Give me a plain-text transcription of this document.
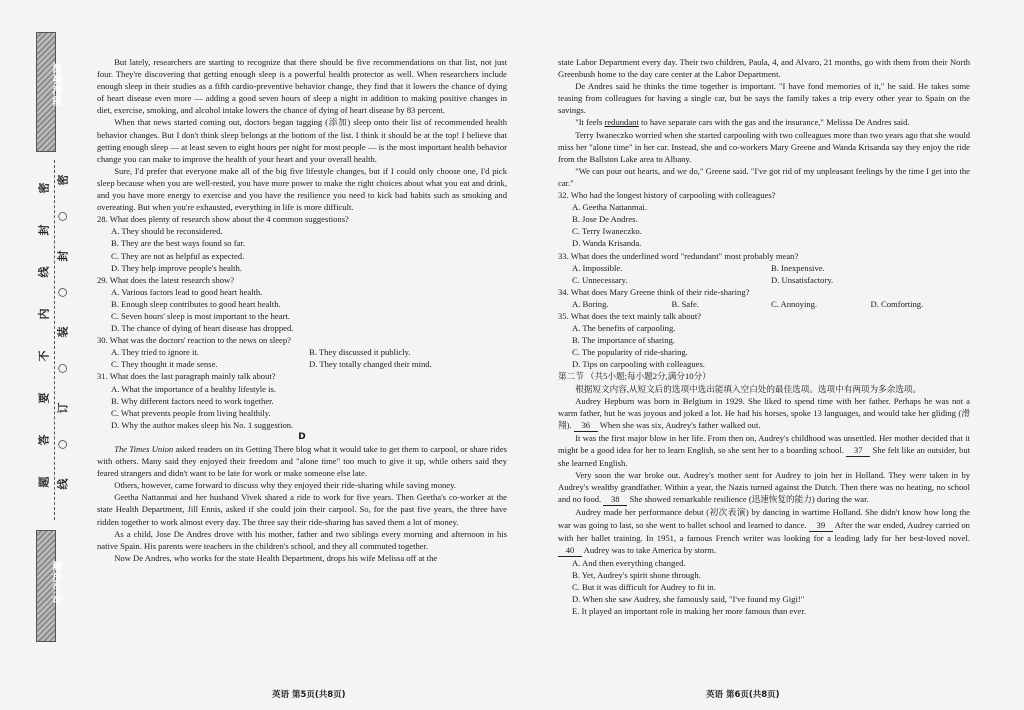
激發潛能
解放生命
密
○
封
○
装
○
订
○
线
密
封
线
内
不
要
答
题

But lately, researchers are starting to recognize that there should be five recommendations on that list, not just four. They're discovering that getting enough sleep is a powerful health protector as well. When researchers include enough sleep in their studies as a fifth cardio-preventive behavior change, they find that it lowers the chance of dying of heart disease even more — adding a good seven hours of sleep a night in addition to making positive changes in diet, exercise, smoking, and alcohol intake lowers the chance of dying of heart disease by 83 percent.

When that news started coming out, doctors began tagging (添加) sleep onto their list of recommended health behavior changes. But I don't think sleep belongs at the bottom of the list. I think it should be at the top! I believe that getting enough sleep — at least seven to eight hours per night for most people — is the most important health behavior change you can make to improve the health of your heart and your overall health.

Sure, I'd prefer that everyone make all of the big five lifestyle changes, but if I could only choose one, I'd pick sleep because when you are well-rested, you have more power to make the right choices about what you eat and drink, and you have more energy to exercise and you have the resilience you need to kick bad habits such as smoking and overeating. But when you're exhausted, everything in life is more difficult.

28. What does plenty of research show about the 4 common suggestions?

A. They should be reconsidered.

B. They are the best ways found so far.

C. They are not as helpful as expected.

D. They help improve people's health.

29. What does the latest research show?

A. Various factors lead to good heart health.

B. Enough sleep contributes to good heart health.

C. Seven hours' sleep is most important to the heart.

D. The chance of dying of heart disease has dropped.

30. What was the doctors' reaction to the news on sleep?

A. They tried to ignore it.	B. They discussed it publicly.
C. They thought it made sense.	D. They totally changed their mind.

31. What does the last paragraph mainly talk about?

A. What the importance of a healthy lifestyle is.

B. Why different factors need to work together.

C. What prevents people from living healthily.

D. Why the author makes sleep his No. 1 suggestion.

D

The Times Union asked readers on its Getting There blog what it would take to get them to carpool, or share rides with others. Many said they enjoyed their freedom and "alone time" too much to give it up, while others said they feared strangers and didn't want to be late for work or make someone else late.

Others, however, came forward to discuss why they enjoyed their ride-sharing while saving money.

Geetha Nattanmai and her husband Vivek shared a ride to work for five years. Then Geetha's co-worker at the state Health Department, Jill Ennis, asked if she could join their carpool. So, for the past five years, the three have ridden together to work almost every day. The three say their ride-sharing has saved them a lot of money.

As a child, Jose De Andres drove with his mother, father and two siblings every morning and afternoon in his native Spain. His parents were teachers in the children's school, and they all commuted together.

Now De Andres, who works for the state Health Department, drops his wife Melissa off at the

英语 第5页(共8页)

state Labor Department every day. Their two children, Paula, 4, and Alvaro, 21 months, go with them from their North Greenbush home to the day care center at the Labor Department.

De Andres said he thinks the time together is important. "I have fond memories of it," he said. He takes some teasing from colleagues for having a single car, but he says the family takes a trip every other year to Spain on the savings.

"It feels redundant to have separate cars with the gas and the insurance," Melissa De Andres said.

Terry Iwaneczko worried when she started carpooling with two colleagues more than two years ago that she would miss her "alone time" in her car. Instead, she and co-workers Mary Greene and Wanda Krisanda say they enjoy the ride from the Ballston Lake area to Albany.

"We can pour out hearts, and we do," Greene said. "I've got rid of my unpleasant feelings by the time I get into the car."

32. Who had the longest history of carpooling with colleagues?

A. Geetha Nattanmai.

B. Jose De Andres.

C. Terry Iwaneczko.

D. Wanda Krisanda.

33. What does the underlined word "redundant" most probably mean?

A. Impossible.	B. Inexpensive.
C. Unnecessary.	D. Unsatisfactory.

34. What does Mary Greene think of their ride-sharing?

A. Boring.	B. Safe.	C. Annoying.	D. Comforting.

35. What does the text mainly talk about?

A. The benefits of carpooling.

B. The importance of sharing.

C. The popularity of ride-sharing.

D. Tips on carpooling with colleagues.

第二节 （共5小题;每小题2分,满分10分）

根据短文内容,从短文后的选项中选出能填入空白处的最佳选项。选项中有两项为多余选项。

Audrey Hepburn was born in Belgium in 1929. She liked to spend time with her father. Perhaps he was not a warm father, but he was joyous and joked a lot. He had his horses, spoke 13 languages, and would take her gliding (滑翔). 36 When she was six, Audrey's father walked out.

It was the first major blow in her life. From then on, Audrey's childhood was unsettled. Her mother decided that it might be a good idea for her to learn English, so she sent her to a boarding school. 37 She felt like an outsider, but she learned English.

Very soon the war broke out. Audrey's mother sent for Audrey to join her in Holland. They were taken in by Audrey's wealthy grandfather. Within a year, the Nazis turned against the Dutch. Then there was no heating, no school and no food. 38 She showed remarkable resilience (迅速恢复的能力) during the war.

Audrey made her performance debut (初次表演) by dancing in wartime Holland. She didn't know how long the war was going to last, so she went to ballet school and learned to dance. 39 After the war ended, Audrey carried on with her ballet training. In 1951, a famous French writer was looking for a leading lady for her best-loved novel. 40 Audrey was to take America by storm.

A. And then everything changed.

B. Yet, Audrey's spirit shone through.

C. But it was difficult for Audrey to fit in.

D. When she saw Audrey, she famously said, "I've found my Gigi!"

E. It played an important role in making her more famous than ever.

英语 第6页(共8页)
